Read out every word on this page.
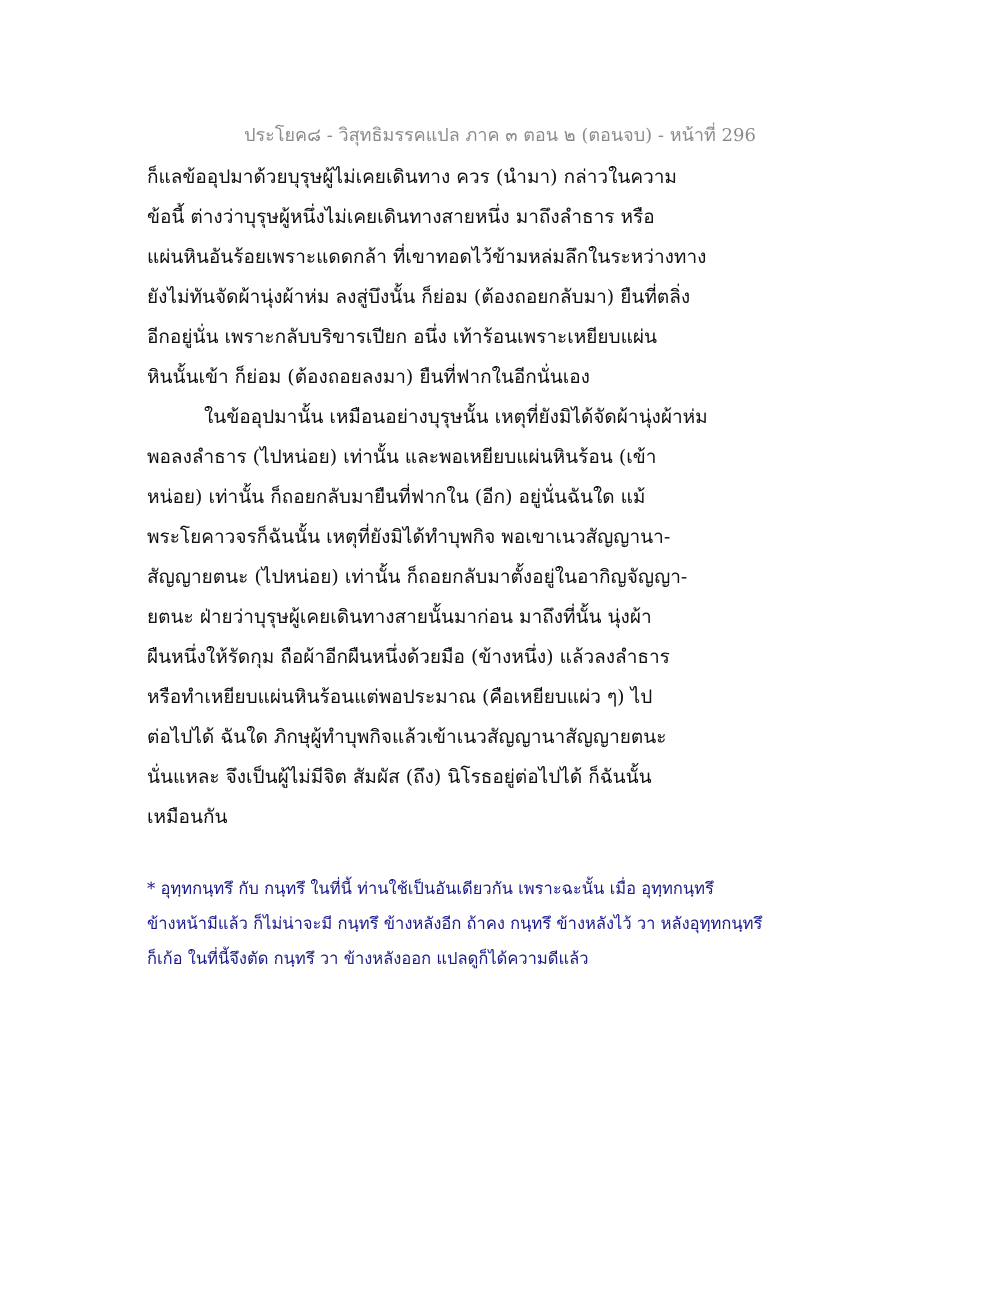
ประโยค๘ - วิสุทธิมรรคแปล ภาค ๓ ตอน ๒ (ตอนจบ) - หน้าที่ 296
ก็แลข้ออุปมาด้วยบุรุษผู้ไม่เคยเดินทาง ควร (นำมา) กล่าวในความ
ข้อนี้ ต่างว่าบุรุษผู้หนึ่งไม่เคยเดินทางสายหนึ่ง มาถึงลำธาร หรือ
แผ่นหินอันร้อยเพราะแดดกล้า ที่เขาทอดไว้ข้ามหล่มลึกในระหว่างทาง
ยังไม่ทันจัดผ้านุ่งผ้าห่ม ลงสู่บึงนั้น ก็ย่อม (ต้องถอยกลับมา) ยืนที่ตลิ่ง
อีกอยู่นั่น เพราะกลับบริขารเปียก อนึ่ง เท้าร้อนเพราะเหยียบแผ่น
หินนั้นเข้า ก็ย่อม (ต้องถอยลงมา) ยืนที่ฟากในอีกนั่นเอง
ในข้ออุปมานั้น เหมือนอย่างบุรุษนั้น เหตุที่ยังมิได้จัดผ้านุ่งผ้าห่ม
พอลงลำธาร (ไปหน่อย) เท่านั้น และพอเหยียบแผ่นหินร้อน (เข้า
หน่อย) เท่านั้น ก็ถอยกลับมายืนที่ฟากใน (อีก) อยู่นั่นฉันใด แม้
พระโยคาวจรก็ฉันนั้น เหตุที่ยังมิได้ทำบุพกิจ พอเขาเนวสัญญานา-
สัญญายตนะ (ไปหน่อย) เท่านั้น ก็ถอยกลับมาตั้งอยู่ในอากิญจัญญา-
ยตนะ ฝ่ายว่าบุรุษผู้เคยเดินทางสายนั้นมาก่อน มาถึงที่นั้น นุ่งผ้า
ผืนหนึ่งให้รัดกุม ถือผ้าอีกผืนหนึ่งด้วยมือ (ข้างหนึ่ง) แล้วลงลำธาร
หรือทำเหยียบแผ่นหินร้อนแต่พอประมาณ (คือเหยียบแผ่ว ๆ) ไป
ต่อไปได้ ฉันใด ภิกษุผู้ทำบุพกิจแล้วเข้าเนวสัญญานาสัญญายตนะ
นั่นแหละ จึงเป็นผู้ไม่มีจิต สัมผัส (ถึง) นิโรธอยู่ต่อไปได้ ก็ฉันนั้น
เหมือนกัน
* อุทฺทกนฺทรึ กับ กนฺทรึ ในที่นี้ ท่านใช้เป็นอันเดียวกัน เพราะฉะนั้น เมื่อ อุทฺทกนฺทรึ
ข้างหน้ามีแล้ว ก็ไม่น่าจะมี กนฺทรึ ข้างหลังอีก ถ้าคง กนฺทรึ ข้างหลังไว้ วา หลังอุทฺทกนฺทรึ
ก็เก้อ ในที่นี้จึงตัด กนฺทรึ วา ข้างหลังออก แปลดูก็ได้ความดีแล้ว
